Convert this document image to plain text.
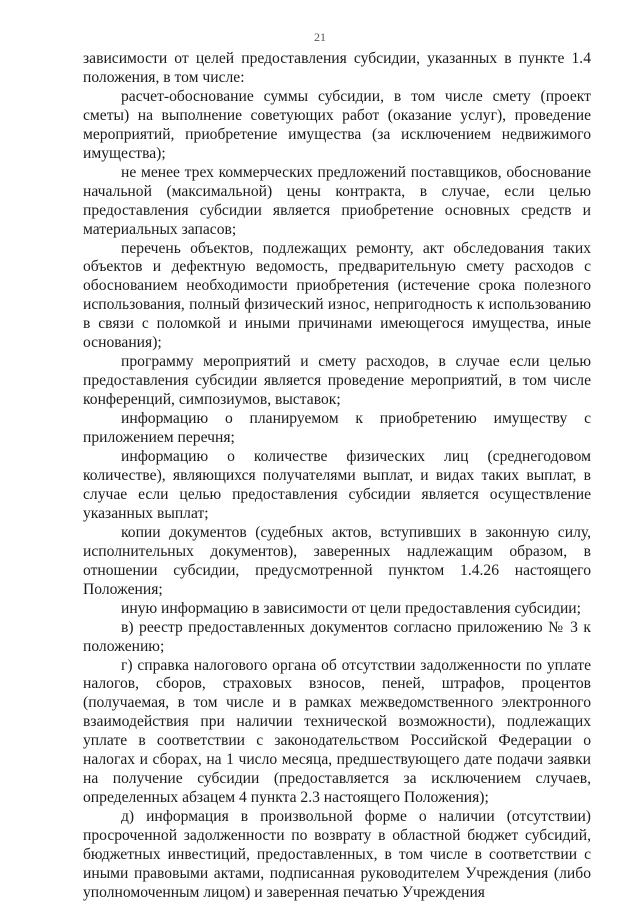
21

зависимости от целей предоставления субсидии, указанных в пункте 1.4 положения, в том числе:

расчет-обоснование суммы субсидии, в том числе смету (проект сметы) на выполнение советующих работ (оказание услуг), проведение мероприятий, приобретение имущества (за исключением недвижимого имущества);

не менее трех коммерческих предложений поставщиков, обоснование начальной (максимальной) цены контракта, в случае, если целью предоставления субсидии является приобретение основных средств и материальных запасов;

перечень объектов, подлежащих ремонту, акт обследования таких объектов и дефектную ведомость, предварительную смету расходов с обоснованием необходимости приобретения (истечение срока полезного использования, полный физический износ, непригодность к использованию в связи с поломкой и иными причинами имеющегося имущества, иные основания);

программу мероприятий и смету расходов, в случае если целью предоставления субсидии является проведение мероприятий, в том числе конференций, симпозиумов, выставок;

информацию о планируемом к приобретению имуществу с приложением перечня;

информацию о количестве физических лиц (среднегодовом количестве), являющихся получателями выплат, и видах таких выплат, в случае если целью предоставления субсидии является осуществление указанных выплат;

копии документов (судебных актов, вступивших в законную силу, исполнительных документов), заверенных надлежащим образом, в отношении субсидии, предусмотренной пунктом 1.4.26 настоящего Положения;

иную информацию в зависимости от цели предоставления субсидии;

в) реестр предоставленных документов согласно приложению № 3 к положению;

г) справка налогового органа об отсутствии задолженности по уплате налогов, сборов, страховых взносов, пеней, штрафов, процентов (получаемая, в том числе и в рамках межведомственного электронного взаимодействия при наличии технической возможности), подлежащих уплате в соответствии с законодательством Российской Федерации о налогах и сборах, на 1 число месяца, предшествующего дате подачи заявки на получение субсидии (предоставляется за исключением случаев, определенных абзацем 4 пункта 2.3 настоящего Положения);

д) информация в произвольной форме о наличии (отсутствии) просроченной задолженности по возврату в областной бюджет субсидий, бюджетных инвестиций, предоставленных, в том числе в соответствии с иными правовыми актами, подписанная руководителем Учреждения (либо уполномоченным лицом) и заверенная печатью Учреждения
